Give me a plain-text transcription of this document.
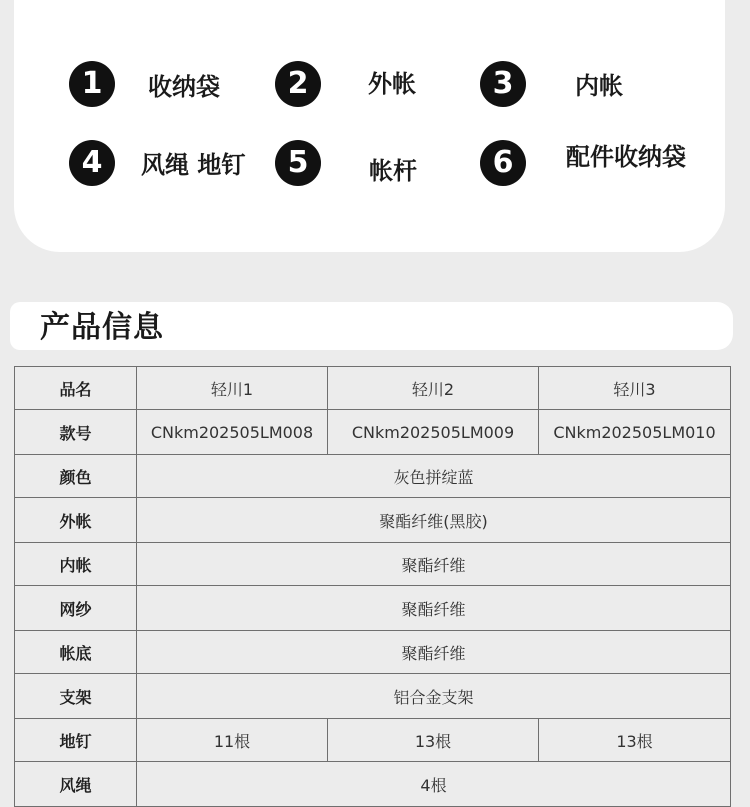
1	收纳袋	2	外帐	3	内帐
4	风绳 地钉	5	帐杆	6	配件收纳袋
产品信息
品名	轻川1	轻川2	轻川3
款号	CNkm202505LM008	CNkm202505LM009	CNkm202505LM010
颜色	灰色拼绽蓝		
外帐	聚酯纤维(黑胶)		
内帐	聚酯纤维		
网纱	聚酯纤维		
帐底	聚酯纤维		
支架	铝合金支架		
地钉	11根	13根	13根
风绳	4根		
